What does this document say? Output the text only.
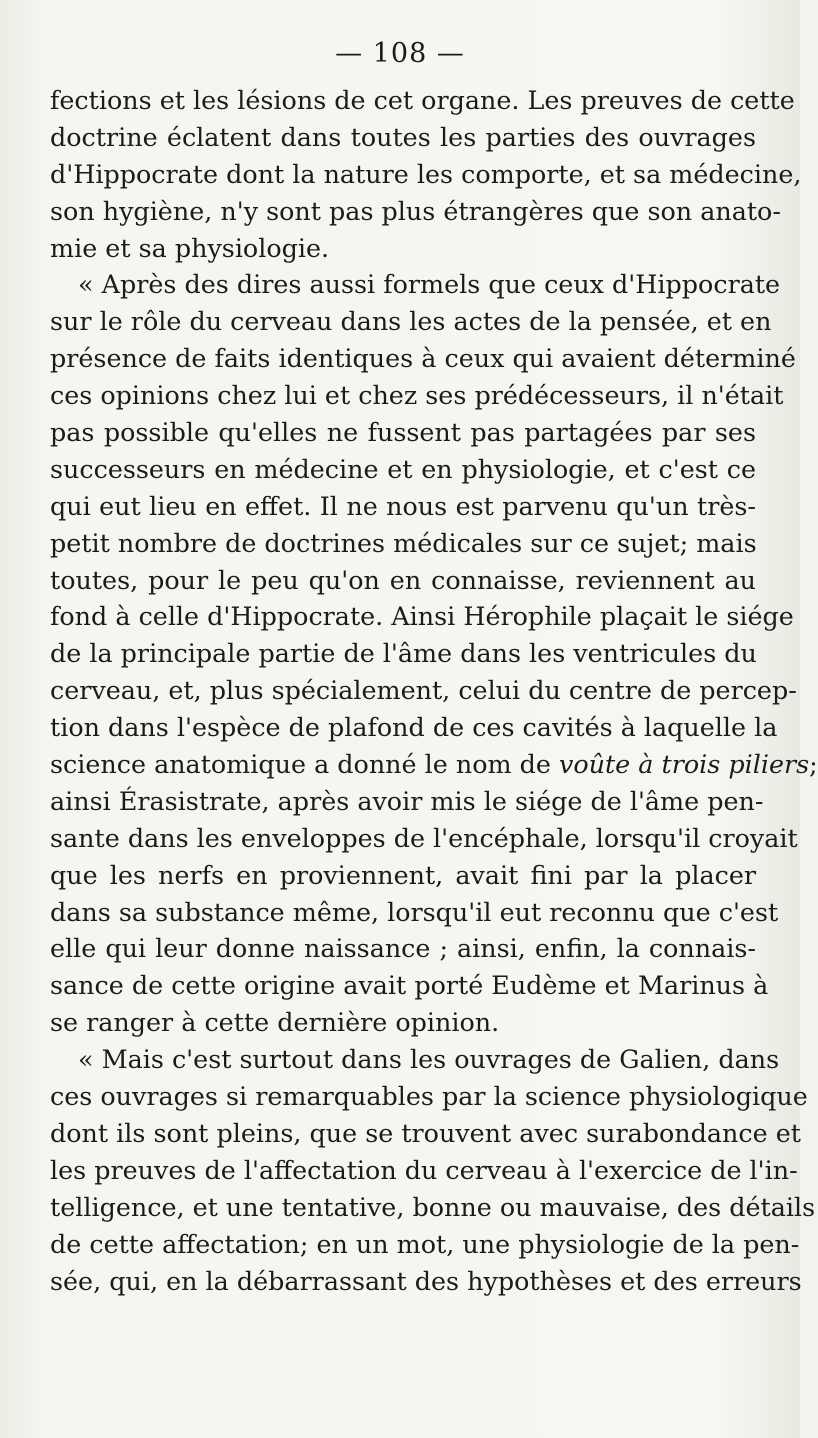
— 108 —
fections et les lésions de cet organe. Les preuves de cette
doctrine éclatent dans toutes les parties des ouvrages
d'Hippocrate dont la nature les comporte, et sa médecine,
son hygiène, n'y sont pas plus étrangères que son anato-
mie et sa physiologie.
« Après des dires aussi formels que ceux d'Hippocrate
sur le rôle du cerveau dans les actes de la pensée, et en
présence de faits identiques à ceux qui avaient déterminé
ces opinions chez lui et chez ses prédécesseurs, il n'était
pas possible qu'elles ne fussent pas partagées par ses
successeurs en médecine et en physiologie, et c'est ce
qui eut lieu en effet. Il ne nous est parvenu qu'un très-
petit nombre de doctrines médicales sur ce sujet; mais
toutes, pour le peu qu'on en connaisse, reviennent au
fond à celle d'Hippocrate. Ainsi Hérophile plaçait le siége
de la principale partie de l'âme dans les ventricules du
cerveau, et, plus spécialement, celui du centre de percep-
tion dans l'espèce de plafond de ces cavités à laquelle la
science anatomique a donné le nom de voûte à trois piliers;
ainsi Érasistrate, après avoir mis le siége de l'âme pen-
sante dans les enveloppes de l'encéphale, lorsqu'il croyait
que les nerfs en proviennent, avait fini par la placer
dans sa substance même, lorsqu'il eut reconnu que c'est
elle qui leur donne naissance ; ainsi, enfin, la connais-
sance de cette origine avait porté Eudème et Marinus à
se ranger à cette dernière opinion.
« Mais c'est surtout dans les ouvrages de Galien, dans
ces ouvrages si remarquables par la science physiologique
dont ils sont pleins, que se trouvent avec surabondance et
les preuves de l'affectation du cerveau à l'exercice de l'in-
telligence, et une tentative, bonne ou mauvaise, des détails
de cette affectation; en un mot, une physiologie de la pen-
sée, qui, en la débarrassant des hypothèses et des erreurs
